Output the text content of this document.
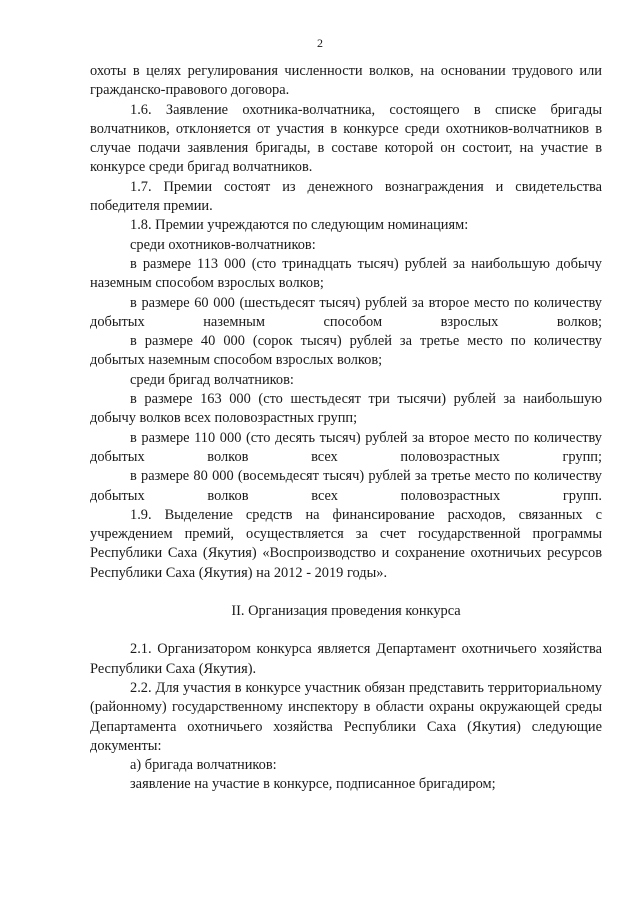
2

охоты в целях регулирования численности волков, на основании трудового или гражданско-правового договора.

1.6. Заявление охотника-волчатника, состоящего в списке бригады волчатников, отклоняется от участия в конкурсе среди охотников-волчатников в случае подачи заявления бригады, в составе которой он состоит, на участие в конкурсе среди бригад волчатников.

1.7. Премии состоят из денежного вознаграждения и свидетельства победителя премии.

1.8. Премии учреждаются по следующим номинациям:

среди охотников-волчатников:

в размере 113 000 (сто тринадцать тысяч) рублей за наибольшую добычу наземным способом взрослых волков;

в размере 60 000 (шестьдесят тысяч) рублей за второе место по количеству добытых наземным способом взрослых волков;

в размере 40 000 (сорок тысяч) рублей за третье место по количеству добытых наземным способом взрослых волков;

среди бригад волчатников:

в размере 163 000 (сто шестьдесят три тысячи) рублей за наибольшую добычу волков всех половозрастных групп;

в размере 110 000 (сто десять тысяч) рублей за второе место по количеству добытых волков всех половозрастных групп;

в размере 80 000 (восемьдесят тысяч) рублей за третье место по количеству добытых волков всех половозрастных групп.

1.9. Выделение средств на финансирование расходов, связанных с учреждением премий, осуществляется за счет государственной программы Республики Саха (Якутия) «Воспроизводство и сохранение охотничьих ресурсов Республики Саха (Якутия) на 2012 - 2019 годы».

II. Организация проведения конкурса

2.1. Организатором конкурса является Департамент охотничьего хозяйства Республики Саха (Якутия).

2.2. Для участия в конкурсе участник обязан представить территориальному (районному) государственному инспектору в области охраны окружающей среды Департамента охотничьего хозяйства Республики Саха (Якутия) следующие документы:

а) бригада волчатников:

заявление на участие в конкурсе, подписанное бригадиром;
